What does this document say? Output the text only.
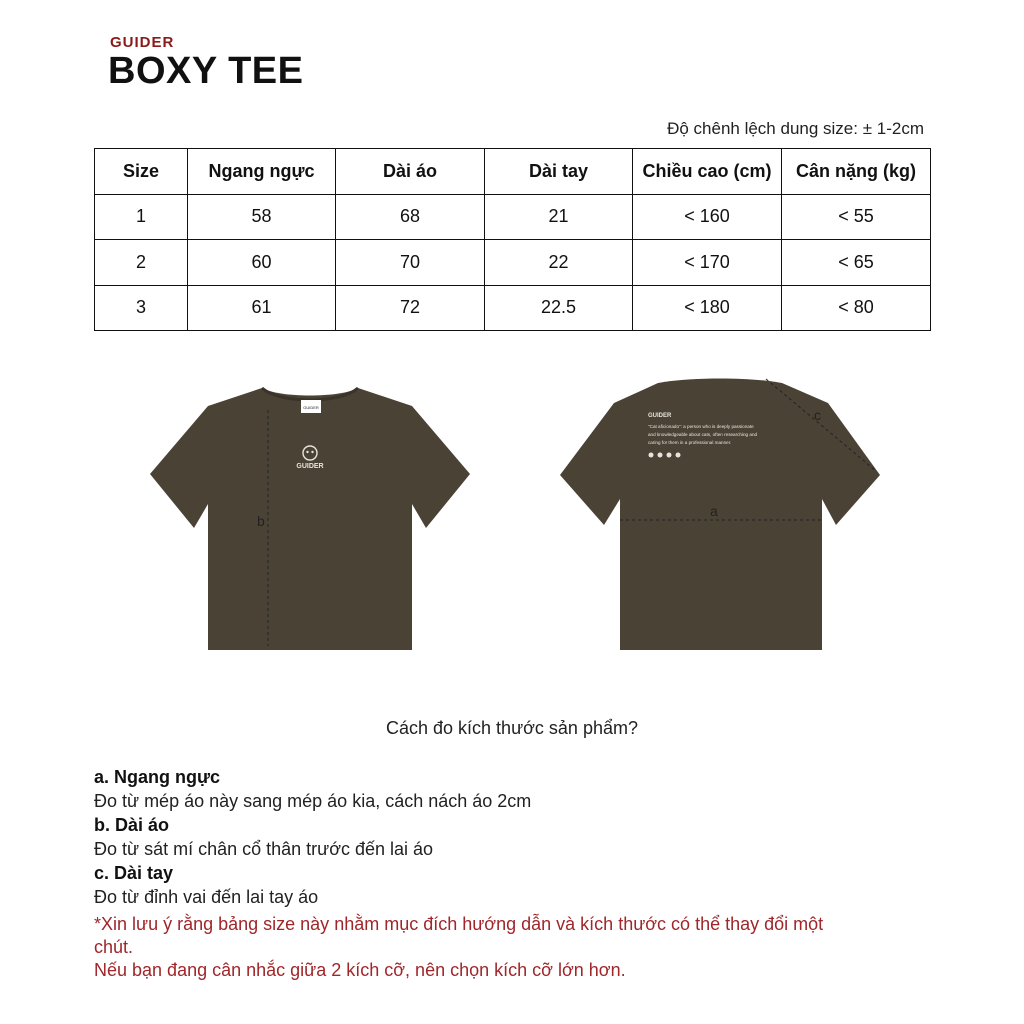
GUIDER
BOXY TEE
Độ chênh lệch dung size: ± 1-2cm
Size	Ngang ngực	Dài áo	Dài tay	Chiều cao (cm)	Cân nặng (kg)
1	58	68	21	< 160	< 55
2	60	70	22	< 170	< 65
3	61	72	22.5	< 180	< 80
GUIDER
GUIDER
b
GUIDER
"Cat aficionado": a person who is deeply passionate
and knowledgeable about cats, often researching and
caring for them in a professional manner.
a
c
Cách đo kích thước sản phẩm?

a. Ngang ngực

Đo từ mép áo này sang mép áo kia, cách nách áo 2cm

b. Dài áo

Đo từ sát mí chân cổ thân trước đến lai áo

c. Dài tay

Đo từ đỉnh vai đến lai tay áo

*Xin lưu ý rằng bảng size này nhằm mục đích hướng dẫn và kích thước có thể thay đổi một chút.
Nếu bạn đang cân nhắc giữa 2 kích cỡ, nên chọn kích cỡ lớn hơn.
